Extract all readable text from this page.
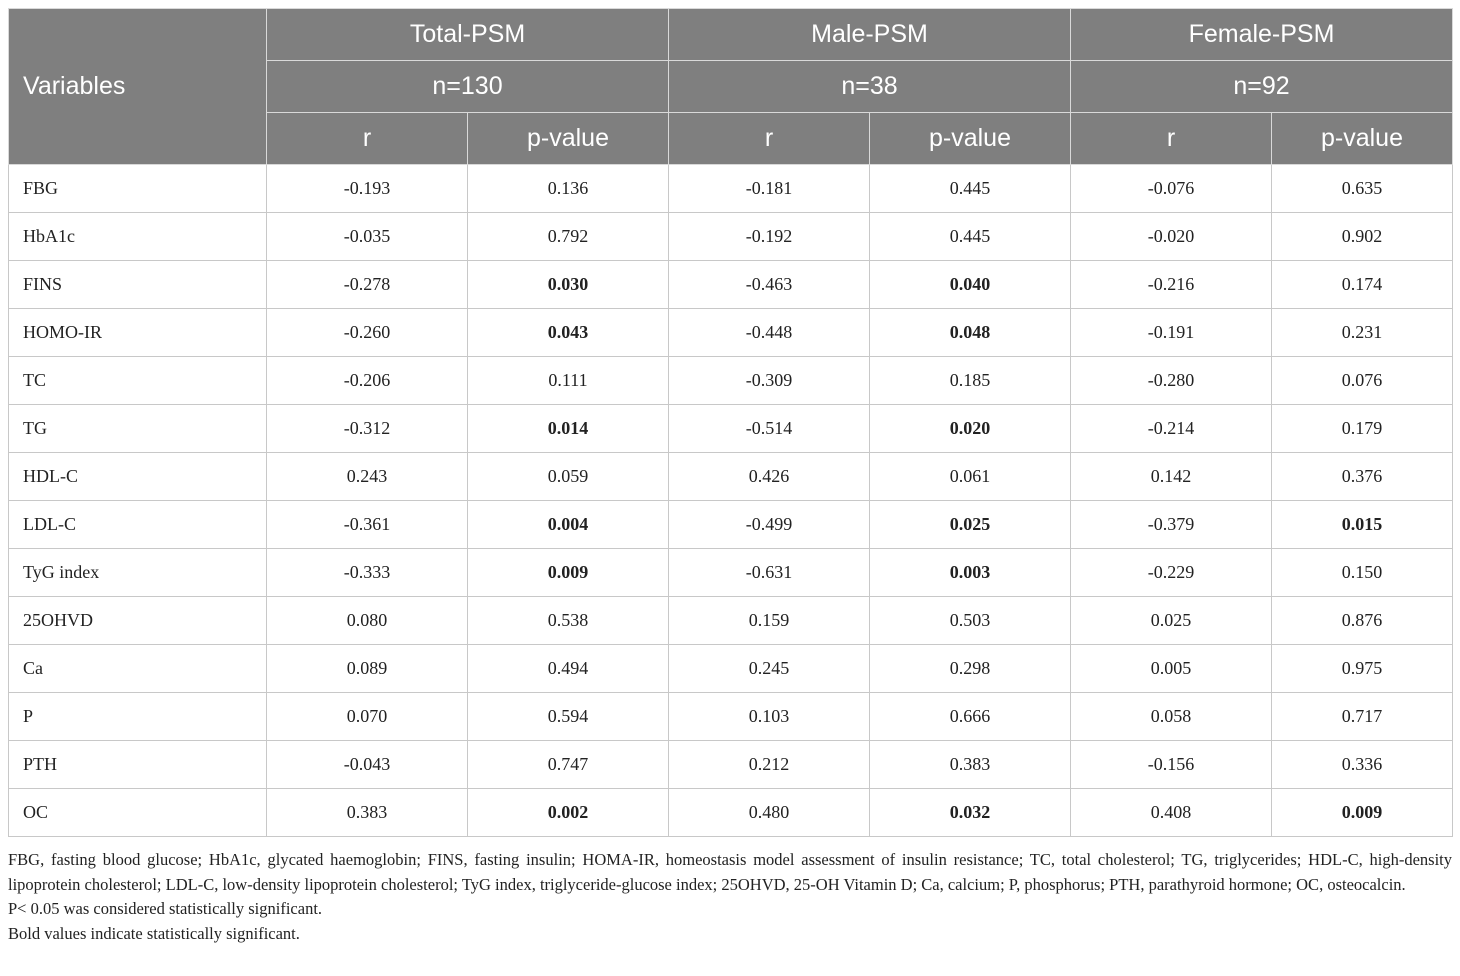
Variables	Total-PSM		Male-PSM		Female-PSM	
	n=130		n=38		n=92	
	r	p-value	r	p-value	r	p-value
FBG	-0.193	0.136	-0.181	0.445	-0.076	0.635
HbA1c	-0.035	0.792	-0.192	0.445	-0.020	0.902
FINS	-0.278	0.030	-0.463	0.040	-0.216	0.174
HOMO-IR	-0.260	0.043	-0.448	0.048	-0.191	0.231
TC	-0.206	0.111	-0.309	0.185	-0.280	0.076
TG	-0.312	0.014	-0.514	0.020	-0.214	0.179
HDL-C	0.243	0.059	0.426	0.061	0.142	0.376
LDL-C	-0.361	0.004	-0.499	0.025	-0.379	0.015
TyG index	-0.333	0.009	-0.631	0.003	-0.229	0.150
25OHVD	0.080	0.538	0.159	0.503	0.025	0.876
Ca	0.089	0.494	0.245	0.298	0.005	0.975
P	0.070	0.594	0.103	0.666	0.058	0.717
PTH	-0.043	0.747	0.212	0.383	-0.156	0.336
OC	0.383	0.002	0.480	0.032	0.408	0.009

FBG, fasting blood glucose; HbA1c, glycated haemoglobin; FINS, fasting insulin; HOMA-IR, homeostasis model assessment of insulin resistance; TC, total cholesterol; TG, triglycerides; HDL-C, high-density lipoprotein cholesterol; LDL-C, low-density lipoprotein cholesterol; TyG index, triglyceride-glucose index; 25OHVD, 25-OH Vitamin D; Ca, calcium; P, phosphorus; PTH, parathyroid hormone; OC, osteocalcin.

P< 0.05 was considered statistically significant.

Bold values indicate statistically significant.
